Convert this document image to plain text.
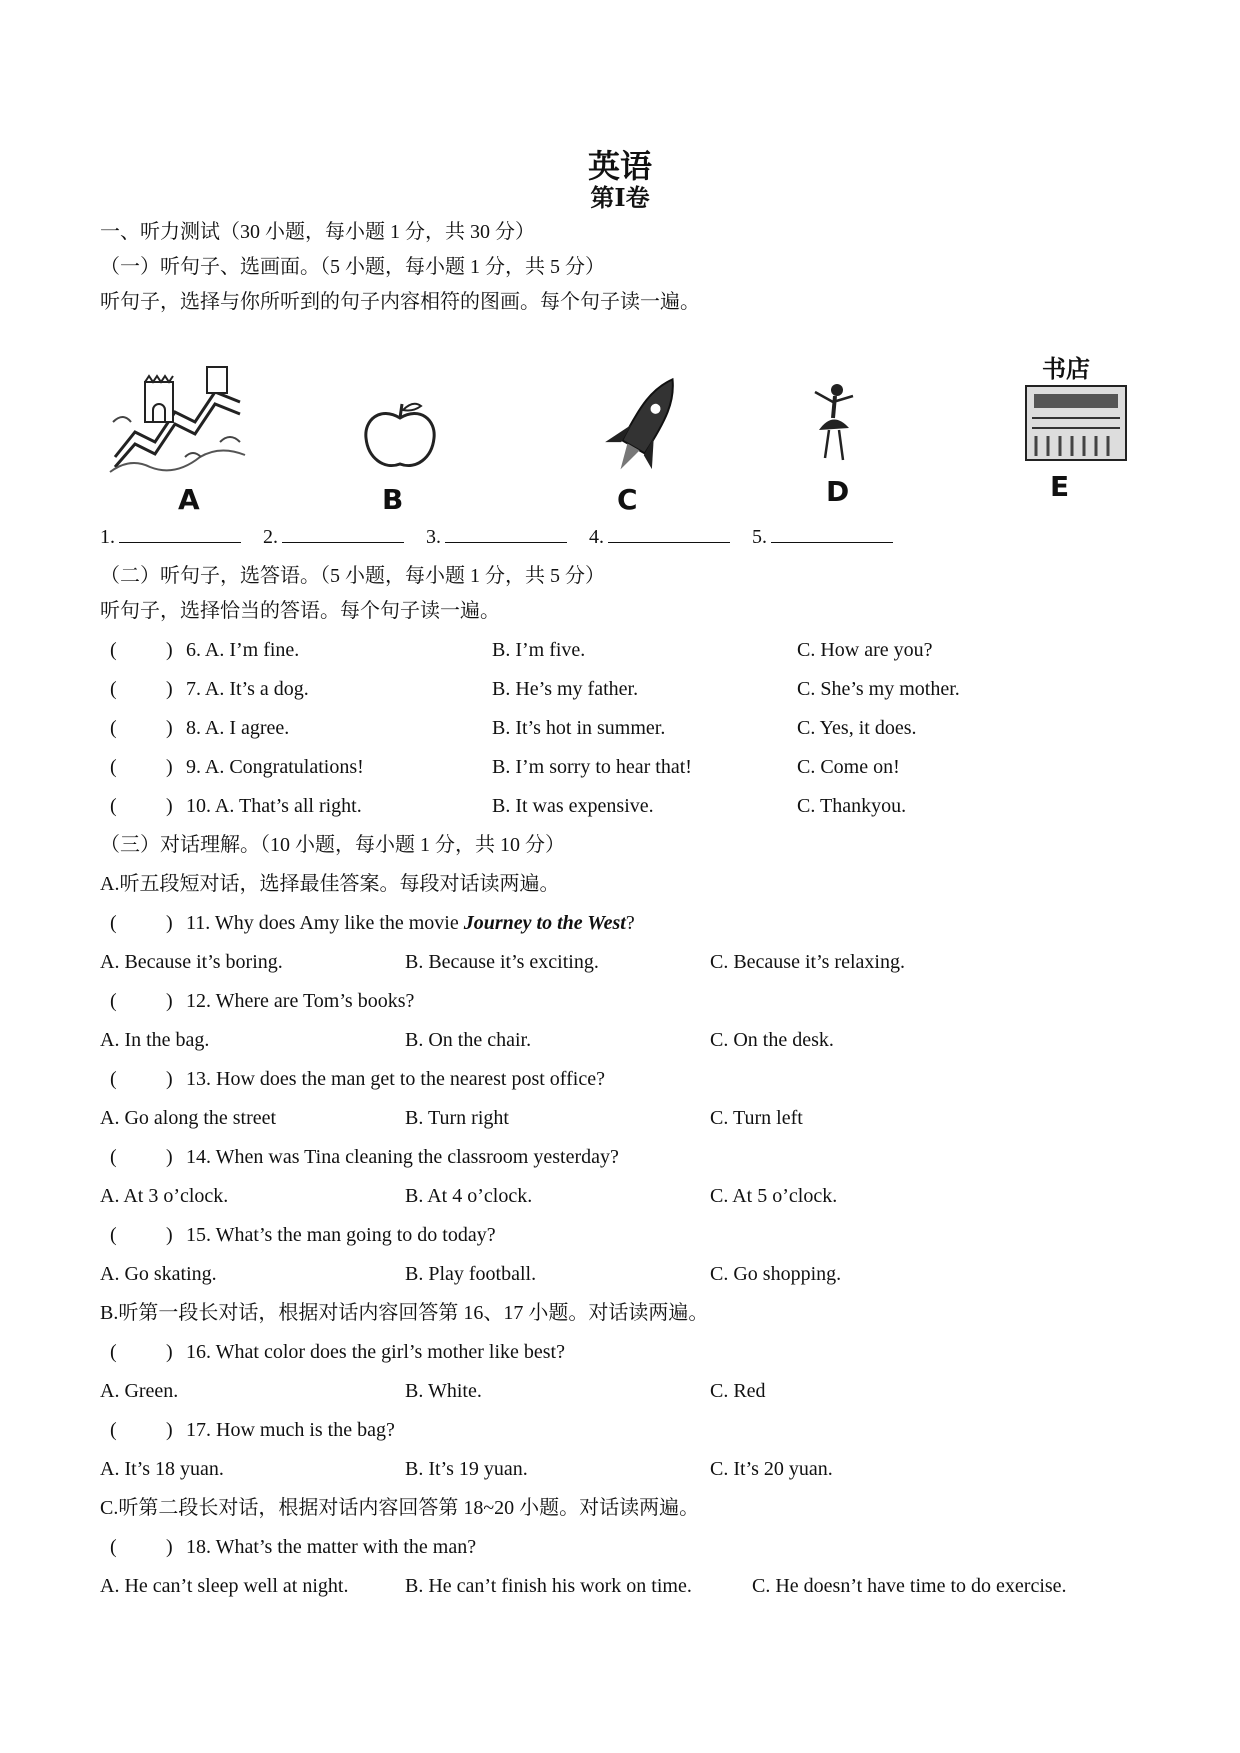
英语
第Ⅰ卷
一、听力测试（30 小题，每小题 1 分，共 30 分）
（一）听句子、选画面。（5 小题，每小题 1 分，共 5 分）
听句子，选择与你所听到的句子内容相符的图画。每个句子读一遍。
A	B	C	D
书店
E
1.	2.	3.	4.	5.
（二）听句子，选答语。（5 小题，每小题 1 分，共 5 分）
听句子，选择恰当的答语。每个句子读一遍。
( ) 6. A. I’m fine.	B. I’m five.	C. How are you?
( ) 7. A. It’s a dog.	B. He’s my father.	C. She’s my mother.
( ) 8. A. I agree.	B. It’s hot in summer.	C. Yes, it does.
( ) 9. A. Congratulations!	B. I’m sorry to hear that!	C. Come on!
( ) 10. A. That’s all right.	B. It was expensive.	C. Thankyou.
（三）对话理解。（10 小题，每小题 1 分，共 10 分）
A.听五段短对话，选择最佳答案。每段对话读两遍。
( ) 11. Why does Amy like the movie Journey to the West?
A. Because it’s boring.	B. Because it’s exciting.	C. Because it’s relaxing.
( ) 12. Where are Tom’s books?
A. In the bag.	B. On the chair.	C. On the desk.
( ) 13. How does the man get to the nearest post office?
A. Go along the street	B. Turn right	C. Turn left
( ) 14. When was Tina cleaning the classroom yesterday?
A. At 3 o’clock.	B. At 4 o’clock.	C. At 5 o’clock.
( ) 15. What’s the man going to do today?
A. Go skating.	B. Play football.	C. Go shopping.
B.听第一段长对话，根据对话内容回答第 16、17 小题。对话读两遍。
( ) 16. What color does the girl’s mother like best?
A. Green.	B. White.	C. Red
( ) 17. How much is the bag?
A. It’s 18 yuan.	B. It’s 19 yuan.	C. It’s 20 yuan.
C.听第二段长对话，根据对话内容回答第 18~20 小题。对话读两遍。
( ) 18. What’s the matter with the man?
A. He can’t sleep well at night.	B. He can’t finish his work on time.	C. He doesn’t have time to do exercise.
